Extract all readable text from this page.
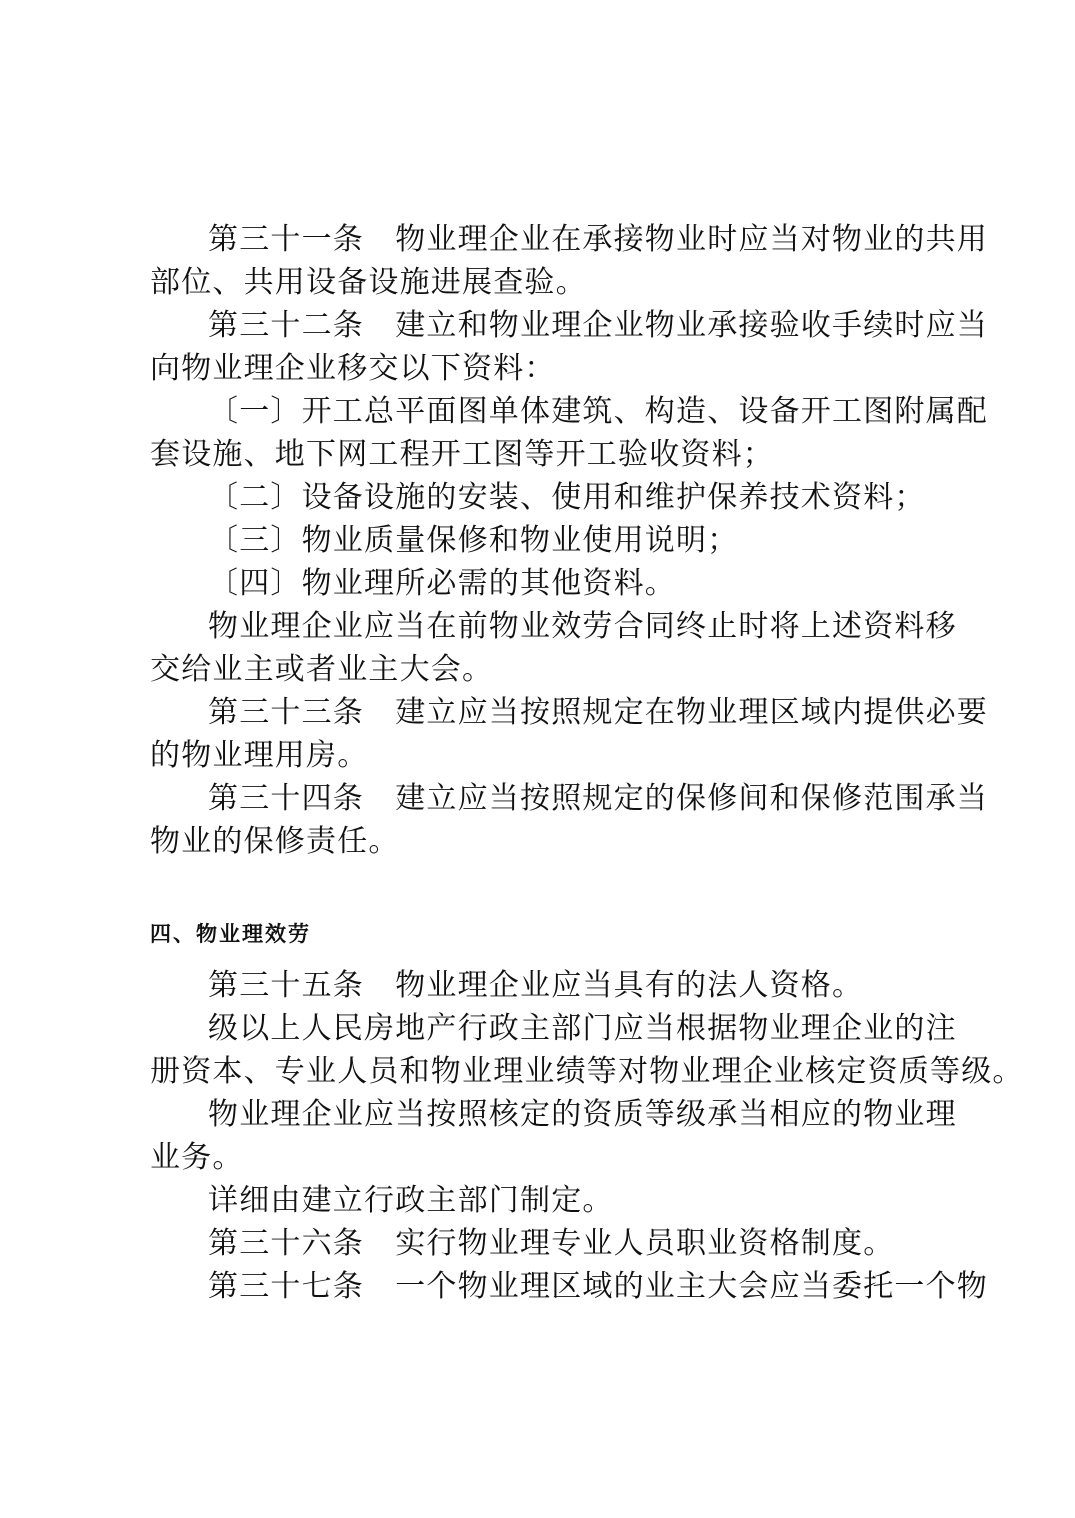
第三十一条　物业理企业在承接物业时应当对物业的共用
部位、共用设备设施进展查验。
第三十二条　建立和物业理企业物业承接验收手续时应当
向物业理企业移交以下资料：
〔一〕开工总平面图单体建筑、构造、设备开工图附属配
套设施、地下网工程开工图等开工验收资料；
〔二〕设备设施的安装、使用和维护保养技术资料；
〔三〕物业质量保修和物业使用说明；
〔四〕物业理所必需的其他资料。
物业理企业应当在前物业效劳合同终止时将上述资料移
交给业主或者业主大会。
第三十三条　建立应当按照规定在物业理区域内提供必要
的物业理用房。
第三十四条　建立应当按照规定的保修间和保修范围承当
物业的保修责任。
四、物业理效劳
第三十五条　物业理企业应当具有的法人资格。
级以上人民房地产行政主部门应当根据物业理企业的注
册资本、专业人员和物业理业绩等对物业理企业核定资质等级。
物业理企业应当按照核定的资质等级承当相应的物业理
业务。
详细由建立行政主部门制定。
第三十六条　实行物业理专业人员职业资格制度。
第三十七条　一个物业理区域的业主大会应当委托一个物
